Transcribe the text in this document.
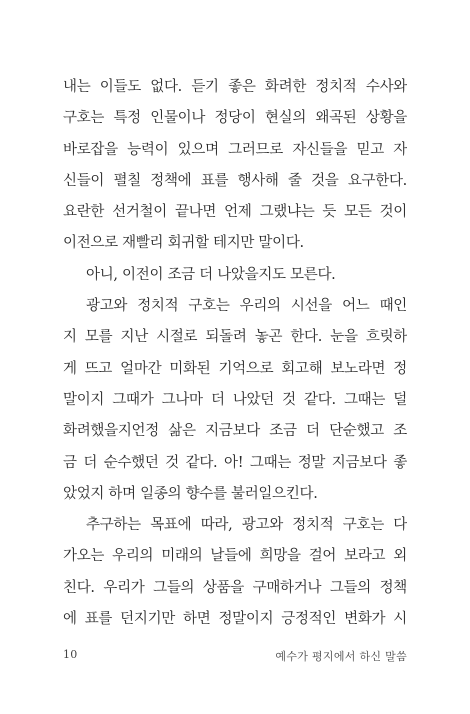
내는 이들도 없다. 듣기 좋은 화려한 정치적 수사와
구호는 특정 인물이나 정당이 현실의 왜곡된 상황을
바로잡을 능력이 있으며 그러므로 자신들을 믿고 자
신들이 펼칠 정책에 표를 행사해 줄 것을 요구한다.
요란한 선거철이 끝나면 언제 그랬냐는 듯 모든 것이
이전으로 재빨리 회귀할 테지만 말이다.
아니, 이전이 조금 더 나았을지도 모른다.
광고와 정치적 구호는 우리의 시선을 어느 때인
지 모를 지난 시절로 되돌려 놓곤 한다. 눈을 흐릿하
게 뜨고 얼마간 미화된 기억으로 회고해 보노라면 정
말이지 그때가 그나마 더 나았던 것 같다. 그때는 덜
화려했을지언정 삶은 지금보다 조금 더 단순했고 조
금 더 순수했던 것 같다. 아! 그때는 정말 지금보다 좋
았었지 하며 일종의 향수를 불러일으킨다.
추구하는 목표에 따라, 광고와 정치적 구호는 다
가오는 우리의 미래의 날들에 희망을 걸어 보라고 외
친다. 우리가 그들의 상품을 구매하거나 그들의 정책
에 표를 던지기만 하면 정말이지 긍정적인 변화가 시
10	예수가 평지에서 하신 말씀
